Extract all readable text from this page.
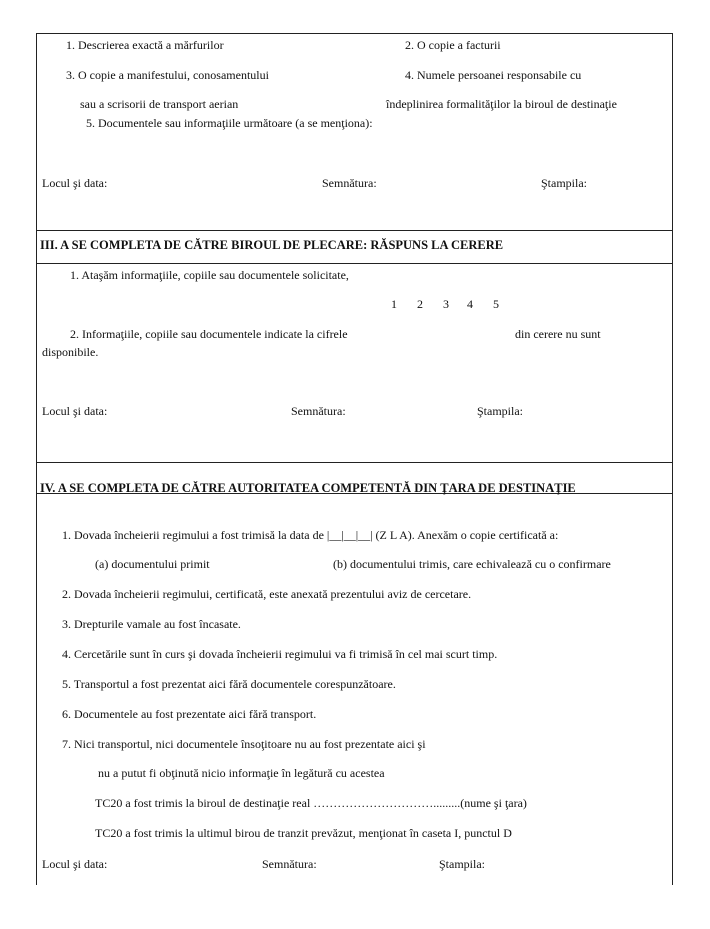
1. Descrierea exactă a mărfurilor	2. O copie a facturii
3. O copie a manifestului, conosamentului	4. Numele persoanei responsabile cu
sau a scrisorii de transport aerian	îndeplinirea formalităţilor la biroul de destinaţie
5. Documentele sau informaţiile următoare (a se menţiona):
Locul şi data:	Semnătura:	Ştampila:
III. A SE COMPLETA DE CĂTRE BIROUL DE PLECARE: RĂSPUNS LA CERERE
1. Ataşăm informaţiile, copiile sau documentele solicitate,
1 2 3 4 5
2. Informaţiile, copiile sau documentele indicate la cifrele	din cerere nu sunt
disponibile.
Locul şi data:	Semnătura:	Ştampila:
IV. A SE COMPLETA DE CĂTRE AUTORITATEA COMPETENTĂ DIN ŢARA DE DESTINAŢIE
1. Dovada încheierii regimului a fost trimisă la data de |__|__|__| (Z L A). Anexăm o copie certificată a:
(a) documentului primit	(b) documentului trimis, care echivalează cu o confirmare
2. Dovada încheierii regimului, certificată, este anexată prezentului aviz de cercetare.
3. Drepturile vamale au fost încasate.
4. Cercetările sunt în curs şi dovada încheierii regimului va fi trimisă în cel mai scurt timp.
5. Transportul a fost prezentat aici fără documentele corespunzătoare.
6. Documentele au fost prezentate aici fără transport.
7. Nici transportul, nici documentele însoţitoare nu au fost prezentate aici şi
nu a putut fi obţinută nicio informaţie în legătură cu acestea
TC20 a fost trimis la biroul de destinaţie real ………………………….........(nume şi ţara)
TC20 a fost trimis la ultimul birou de tranzit prevăzut, menţionat în caseta I, punctul D
Locul şi data:	Semnătura:	Ştampila:
